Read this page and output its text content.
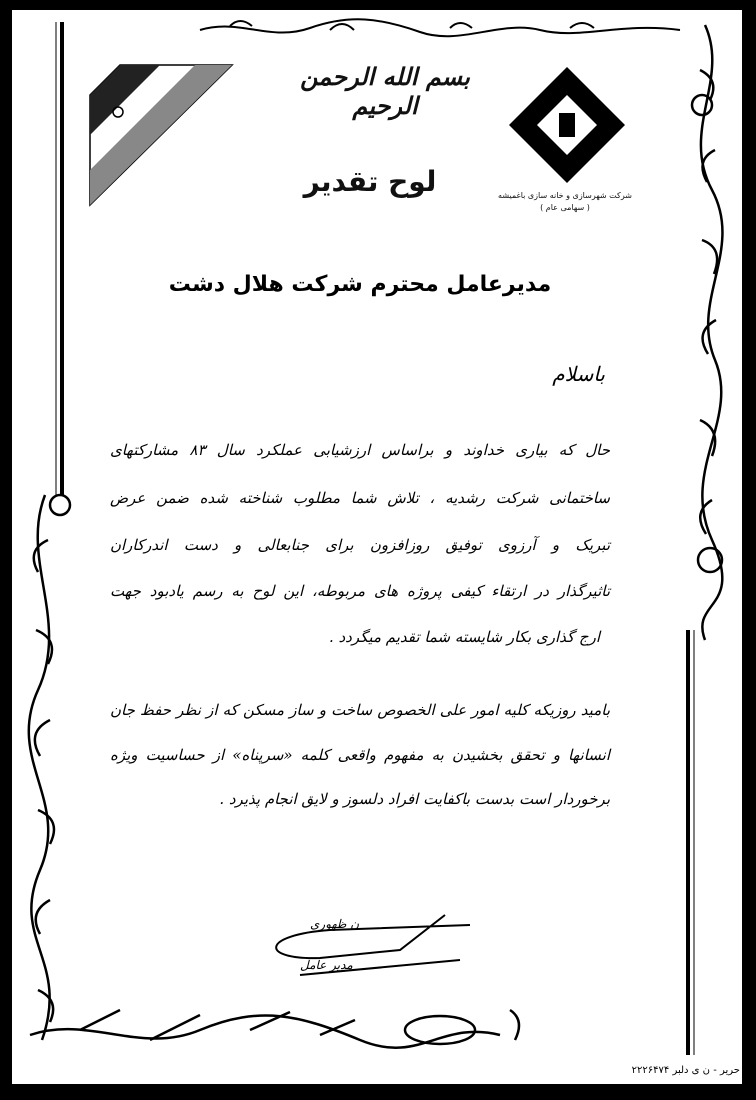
بسم الله الرحمن الرحیم
لوح تقدیر	شرکت شهرسازی و خانه سازی باغمیشه
( سهامی عام )
مدیرعامل محترم شرکت هلال دشت
باسلام
حال که بیاری خداوند و براساس ارزشیابی عملکرد سال ۸۳ مشارکتهای
ساختمانی شرکت رشدیه ، تلاش شما مطلوب شناخته شده ضمن عرض
تبریک و آرزوی توفیق روزافزون برای جنابعالی و دست اندرکاران
تاثیرگذار در ارتقاء کیفی پروژه های مربوطه، این لوح به رسم یادبود جهت
ارج گذاری بکار شایسته شما تقدیم میگردد .
بامید روزیکه کلیه امور علی الخصوص ساخت و ساز مسکن که از نظر حفظ جان
انسانها و تحقق بخشیدن به مفهوم واقعی کلمه «سرپناه» از حساسیت ویژه
برخوردار است بدست باکفایت افراد دلسوز و لایق انجام پذیرد .
ن ظهوری
مدیر عامل
حریر - ن ی دلبر ۲۲۲۶۴۷۴
